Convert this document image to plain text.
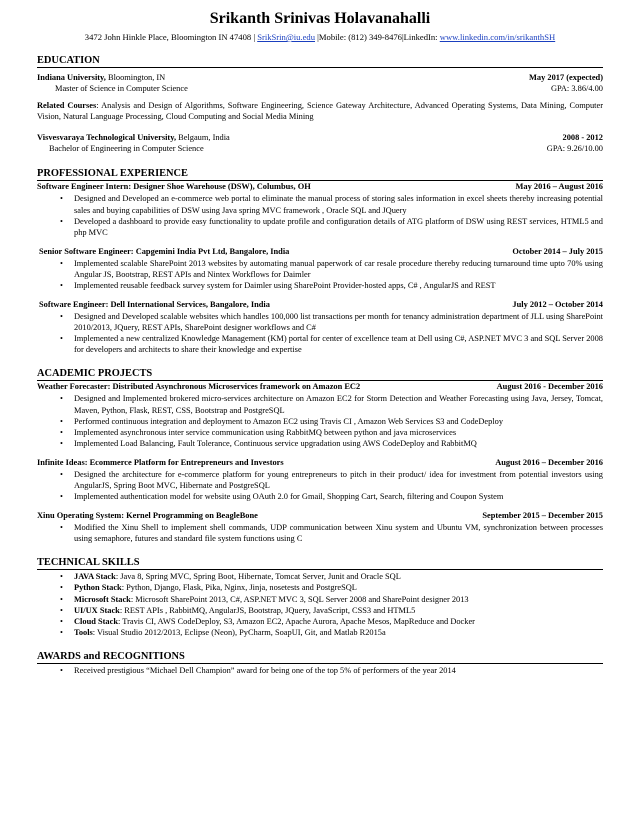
Srikanth Srinivas Holavanahalli
3472 John Hinkle Place, Bloomington IN 47408 | SrikSrin@iu.edu |Mobile: (812) 349-8476|LinkedIn: www.linkedin.com/in/srikanthSH
EDUCATION
Indiana University, Bloomington, IN	May 2017 (expected)
Master of Science in Computer Science	GPA: 3.86/4.00
Related Courses: Analysis and Design of Algorithms, Software Engineering, Science Gateway Architecture, Advanced Operating Systems, Data Mining, Computer Vision, Natural Language Processing, Cloud Computing and Social Media Mining
Visvesvaraya Technological University, Belgaum, India	2008 - 2012
Bachelor of Engineering in Computer Science	GPA: 9.26/10.00
PROFESSIONAL EXPERIENCE
Software Engineer Intern: Designer Shoe Warehouse (DSW), Columbus, OH	May 2016 – August 2016
• Designed and Developed an e-commerce web portal to eliminate the manual process of storing sales information in excel sheets thereby increasing potential sales and buying capabilities of DSW using Java spring MVC framework , Oracle SQL and JQuery
• Developed a dashboard to provide easy functionality to update profile and configuration details of ATG platform of DSW using REST services, HTML5 and php MVC
Senior Software Engineer: Capgemini India Pvt Ltd, Bangalore, India	October 2014 – July 2015
• Implemented scalable SharePoint 2013 websites by automating manual paperwork of car resale procedure thereby reducing turnaround time upto 70% using Angular JS, Bootstrap, REST APIs and Nintex Workflows for Daimler
• Implemented reusable feedback survey system for Daimler using SharePoint Provider-hosted apps, C# , AngularJS and REST
Software Engineer: Dell International Services, Bangalore, India	July 2012 – October 2014
• Designed and Developed scalable websites which handles 100,000 list transactions per month for tenancy administration department of JLL using SharePoint 2010/2013, JQuery, REST APIs, SharePoint designer workflows and C#
• Implemented a new centralized Knowledge Management (KM) portal for center of excellence team at Dell using C#, ASP.NET MVC 3 and SQL Server 2008 for developers and architects to share their knowledge and expertise
ACADEMIC PROJECTS
Weather Forecaster: Distributed Asynchronous Microservices framework on Amazon EC2	August 2016 - December 2016
• Designed and Implemented brokered micro-services architecture on Amazon EC2 for Storm Detection and Weather Forecasting using Java, Jersey, Tomcat, Maven, Python, Flask, REST, CSS, Bootstrap and PostgreSQL
• Performed continuous integration and deployment to Amazon EC2 using Travis CI , Amazon Web Services S3 and CodeDeploy
• Implemented asynchronous inter service communication using RabbitMQ between python and java microservices
• Implemented Load Balancing, Fault Tolerance, Continuous service upgradation using AWS CodeDeploy and RabbitMQ
Infinite Ideas: Ecommerce Platform for Entrepreneurs and Investors	August 2016 – December 2016
• Designed the architecture for e-commerce platform for young entrepreneurs to pitch in their product/ idea for investment from potential investors using AngularJS, Spring Boot MVC, Hibernate and PostgreSQL
• Implemented authentication model for website using OAuth 2.0 for Gmail, Shopping Cart, Search, filtering and Coupon System
Xinu Operating System: Kernel Programming on BeagleBone	September 2015 – December 2015
• Modified the Xinu Shell to implement shell commands, UDP communication between Xinu system and Ubuntu VM, synchronization between processes using semaphore, futures and standard file system functions using C
TECHNICAL SKILLS
• JAVA Stack: Java 8, Spring MVC, Spring Boot, Hibernate, Tomcat Server, Junit and Oracle SQL
• Python Stack: Python, Django, Flask, Pika, Nginx, Jinja, nosetests and PostgreSQL
• Microsoft Stack: Microsoft SharePoint 2013, C#, ASP.NET MVC 3, SQL Server 2008 and SharePoint designer 2013
• UI/UX Stack: REST APIs , RabbitMQ, AngularJS, Bootstrap, JQuery, JavaScript, CSS3 and HTML5
• Cloud Stack: Travis CI, AWS CodeDeploy, S3, Amazon EC2, Apache Aurora, Apache Mesos, MapReduce and Docker
• Tools: Visual Studio 2012/2013, Eclipse (Neon), PyCharm, SoapUI, Git, and Matlab R2015a
AWARDS and RECOGNITIONS
• Received prestigious “Michael Dell Champion” award for being one of the top 5% of performers of the year 2014
